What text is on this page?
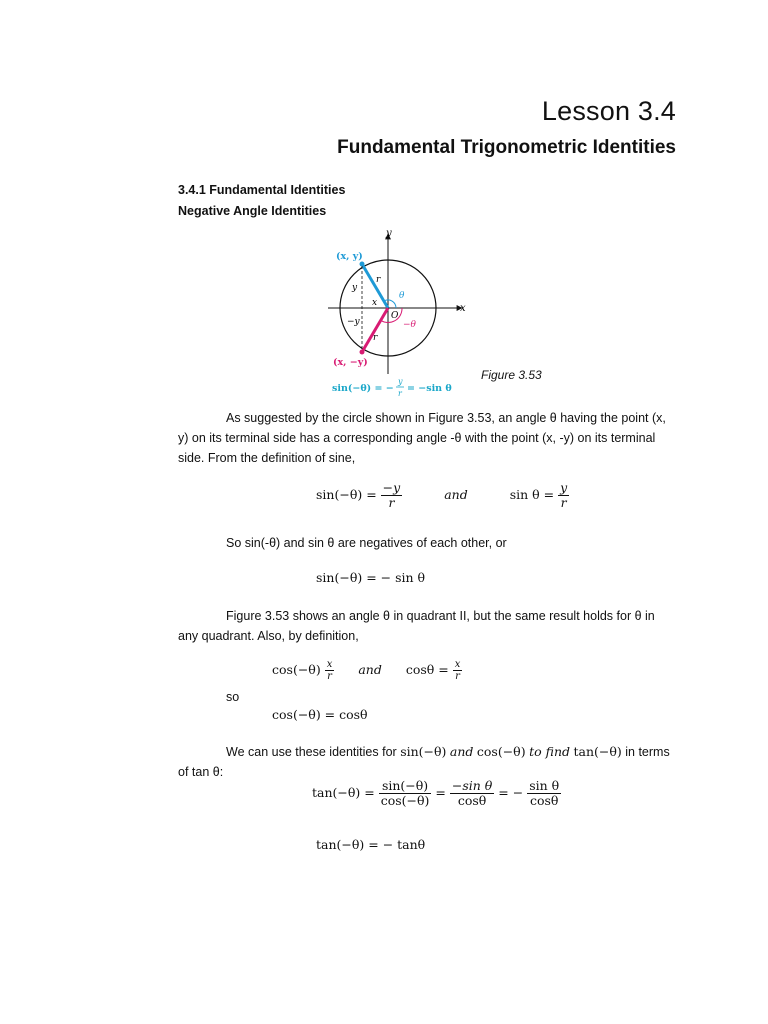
Lesson 3.4
Fundamental Trigonometric Identities
3.4.1 Fundamental Identities
Negative Angle Identities
y
x
(x, y)
(x, −y)
r
r
y
−y
x
O
θ
−θ
sin(−θ) = −
y
r = −sin θ
Figure 3.53
As suggested by the circle shown in Figure 3.53, an angle θ having the point (x, y) on its terminal side has a corresponding angle -θ with the point (x, -y) on its terminal side. From the definition of sine,
$\sin(-\theta) = \frac{-y}{r}$	and	$\sin \theta = \frac{y}{r}$
So sin(-θ) and sin θ are negatives of each other, or
sin(−θ) = − sin θ
Figure 3.53 shows an angle θ in quadrant II, but the same result holds for θ in any quadrant. Also, by definition,
$\cos(-\theta) \frac{x}{r}$ and $\cos\theta = \frac{x}{r}$
so
cos(−θ) = cosθ
We can use these identities for sin(−θ) and cos(−θ) to find tan(−θ) in terms of tan θ:
$\tan(-\theta) = \frac{\sin(-\theta)}{\cos(-\theta)} = \frac{\text{−sin θ}}{\cos\theta}$ = − $\frac{\text{sin θ}}{\cos\theta}$
tan(−θ) = − tanθ
